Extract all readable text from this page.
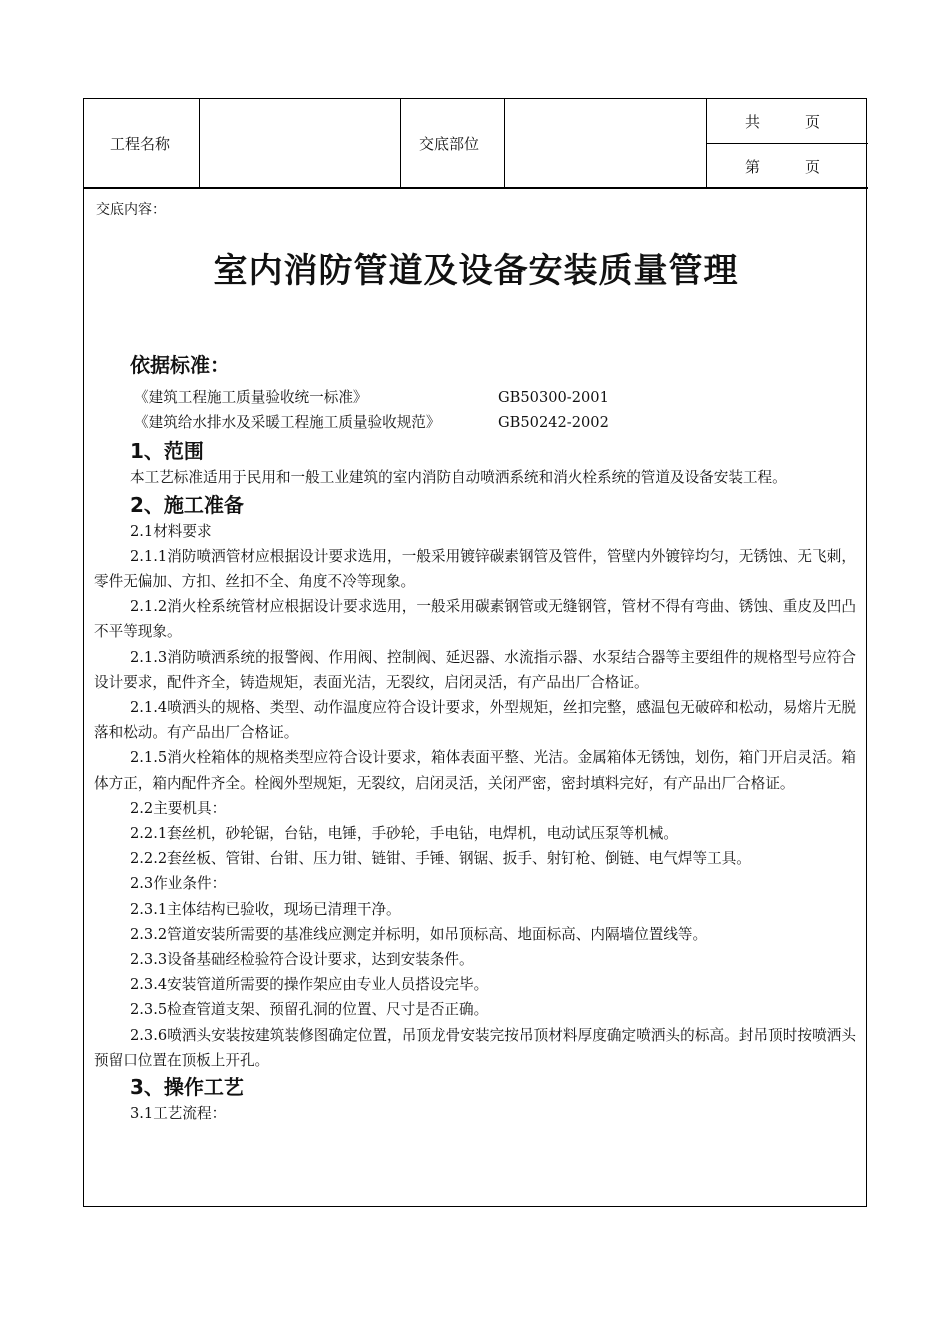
工程名称	交底部位
共　　　页
第　　　页
交底内容：
室内消防管道及设备安装质量管理

依据标准：

《建筑工程施工质量验收统一标准》	GB50300-2001
《建筑给水排水及采暖工程施工质量验收规范》	GB50242-2002

1、范围

本工艺标准适用于民用和一般工业建筑的室内消防自动喷洒系统和消火栓系统的管道及设备安装工程。

2、施工准备

2.1材料要求

2.1.1消防喷洒管材应根据设计要求选用，一般采用镀锌碳素钢管及管件，管壁内外镀锌均匀，无锈蚀、无飞刺，零件无偏加、方扣、丝扣不全、角度不冷等现象。

2.1.2消火栓系统管材应根据设计要求选用，一般采用碳素钢管或无缝钢管，管材不得有弯曲、锈蚀、重皮及凹凸不平等现象。

2.1.3消防喷洒系统的报警阀、作用阀、控制阀、延迟器、水流指示器、水泵结合器等主要组件的规格型号应符合设计要求，配件齐全，铸造规矩，表面光洁，无裂纹，启闭灵活，有产品出厂合格证。

2.1.4喷洒头的规格、类型、动作温度应符合设计要求，外型规矩，丝扣完整，感温包无破碎和松动，易熔片无脱落和松动。有产品出厂合格证。

2.1.5消火栓箱体的规格类型应符合设计要求，箱体表面平整、光洁。金属箱体无锈蚀，划伤，箱门开启灵活。箱体方正，箱内配件齐全。栓阀外型规矩，无裂纹，启闭灵活，关闭严密，密封填料完好，有产品出厂合格证。

2.2主要机具：

2.2.1套丝机，砂轮锯，台钻，电锤，手砂轮，手电钻，电焊机，电动试压泵等机械。

2.2.2套丝板、管钳、台钳、压力钳、链钳、手锤、钢锯、扳手、射钉枪、倒链、电气焊等工具。

2.3作业条件：

2.3.1主体结构已验收，现场已清理干净。

2.3.2管道安装所需要的基准线应测定并标明，如吊顶标高、地面标高、内隔墙位置线等。

2.3.3设备基础经检验符合设计要求，达到安装条件。

2.3.4安装管道所需要的操作架应由专业人员搭设完毕。

2.3.5检查管道支架、预留孔洞的位置、尺寸是否正确。

2.3.6喷洒头安装按建筑装修图确定位置，吊顶龙骨安装完按吊顶材料厚度确定喷洒头的标高。封吊顶时按喷洒头预留口位置在顶板上开孔。

3、操作工艺

3.1工艺流程：
